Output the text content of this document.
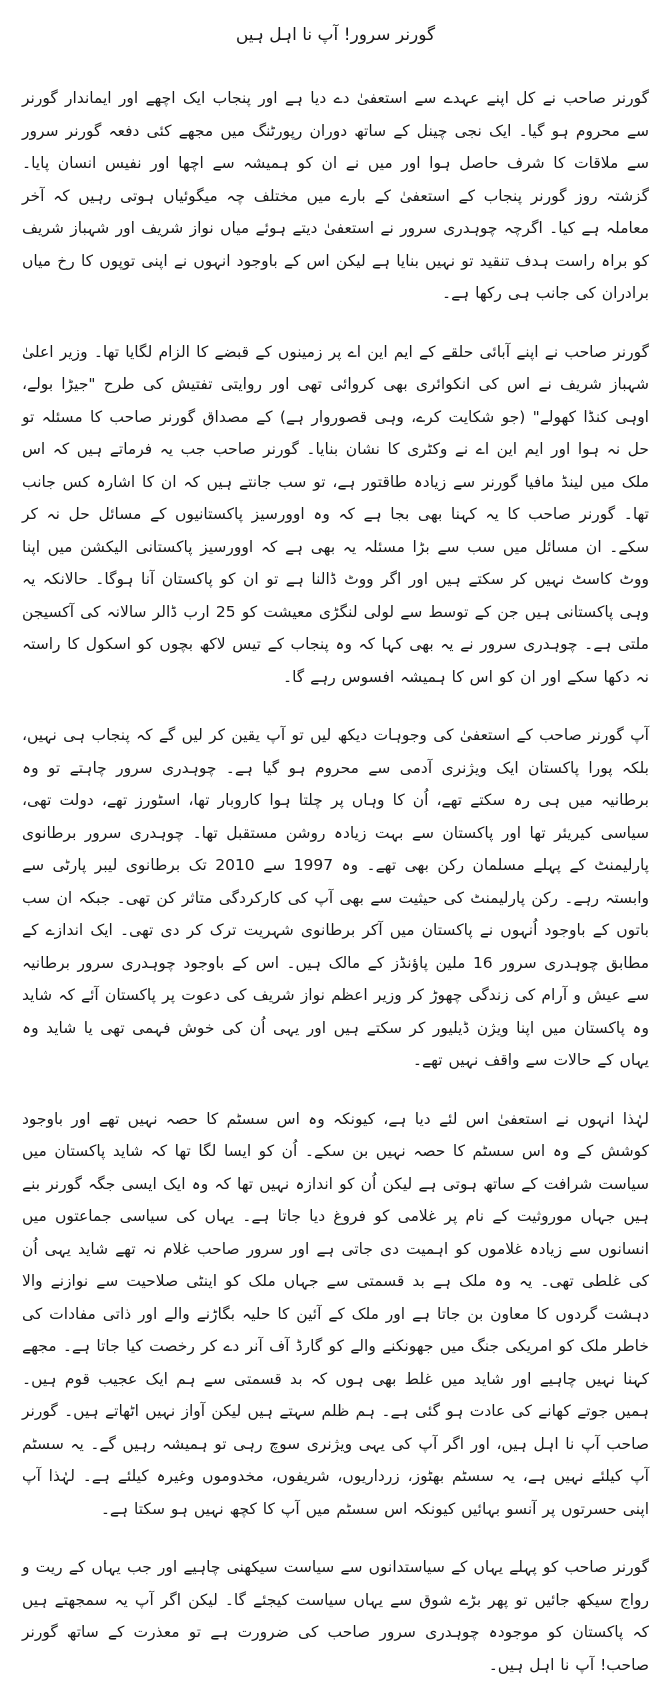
گورنر سرور! آپ نا اہل ہیں

گورنر صاحب نے کل اپنے عہدے سے استعفیٰ دے دیا ہے اور پنجاب ایک اچھے اور ایماندار گورنر سے محروم ہو گیا۔ ایک نجی چینل کے ساتھ دوران رپورٹنگ میں مجھے کئی دفعہ گورنر سرور سے ملاقات کا شرف حاصل ہوا اور میں نے ان کو ہمیشہ سے اچھا اور نفیس انسان پایا۔ گزشتہ روز گورنر پنجاب کے استعفیٰ کے بارے میں مختلف چہ میگوئیاں ہوتی رہیں کہ آخر معاملہ ہے کیا۔ اگرچہ چوہدری سرور نے استعفیٰ دیتے ہوئے میاں نواز شریف اور شہباز شریف کو براہ راست ہدف تنقید تو نہیں بنایا ہے لیکن اس کے باوجود انہوں نے اپنی توپوں کا رخ میاں برادران کی جانب ہی رکھا ہے۔

گورنر صاحب نے اپنے آبائی حلقے کے ایم این اے پر زمینوں کے قبضے کا الزام لگایا تھا۔ وزیر اعلیٰ شہباز شریف نے اس کی انکوائری بھی کروائی تھی اور روایتی تفتیش کی طرح "جیڑا بولے، اوہی کنڈا کھولے" (جو شکایت کرے، وہی قصوروار ہے) کے مصداق گورنر صاحب کا مسئلہ تو حل نہ ہوا اور ایم این اے نے وکٹری کا نشان بنایا۔ گورنر صاحب جب یہ فرماتے ہیں کہ اس ملک میں لینڈ مافیا گورنر سے زیادہ طاقتور ہے، تو سب جانتے ہیں کہ ان کا اشارہ کس جانب تھا۔ گورنر صاحب کا یہ کہنا بھی بجا ہے کہ وہ اوورسیز پاکستانیوں کے مسائل حل نہ کر سکے۔ ان مسائل میں سب سے بڑا مسئلہ یہ بھی ہے کہ اوورسیز پاکستانی الیکشن میں اپنا ووٹ کاسٹ نہیں کر سکتے ہیں اور اگر ووٹ ڈالنا ہے تو ان کو پاکستان آنا ہوگا۔ حالانکہ یہ وہی پاکستانی ہیں جن کے توسط سے لولی لنگڑی معیشت کو 25 ارب ڈالر سالانہ کی آکسیجن ملتی ہے۔ چوہدری سرور نے یہ بھی کہا کہ وہ پنجاب کے تیس لاکھ بچوں کو اسکول کا راستہ نہ دکھا سکے اور ان کو اس کا ہمیشہ افسوس رہے گا۔

آپ گورنر صاحب کے استعفیٰ کی وجوہات دیکھ لیں تو آپ یقین کر لیں گے کہ پنجاب ہی نہیں، بلکہ پورا پاکستان ایک ویژنری آدمی سے محروم ہو گیا ہے۔ چوہدری سرور چاہتے تو وہ برطانیہ میں ہی رہ سکتے تھے، اُن کا وہاں پر چلتا ہوا کاروبار تھا، اسٹورز تھے، دولت تھی، سیاسی کیریئر تھا اور پاکستان سے بہت زیادہ روشن مستقبل تھا۔ چوہدری سرور برطانوی پارلیمنٹ کے پہلے مسلمان رکن بھی تھے۔ وہ 1997 سے 2010 تک برطانوی لیبر پارٹی سے وابستہ رہے۔ رکن پارلیمنٹ کی حیثیت سے بھی آپ کی کارکردگی متاثر کن تھی۔ جبکہ ان سب باتوں کے باوجود اُنہوں نے پاکستان میں آکر برطانوی شہریت ترک کر دی تھی۔ ایک اندازے کے مطابق چوہدری سرور 16 ملین پاؤنڈز کے مالک ہیں۔ اس کے باوجود چوہدری سرور برطانیہ سے عیش و آرام کی زندگی چھوڑ کر وزیر اعظم نواز شریف کی دعوت پر پاکستان آئے کہ شاید وہ پاکستان میں اپنا ویژن ڈیلیور کر سکتے ہیں اور یہی اُن کی خوش فہمی تھی یا شاید وہ یہاں کے حالات سے واقف نہیں تھے۔

لہٰذا انہوں نے استعفیٰ اس لئے دیا ہے، کیونکہ وہ اس سسٹم کا حصہ نہیں تھے اور باوجود کوشش کے وہ اس سسٹم کا حصہ نہیں بن سکے۔ اُن کو ایسا لگا تھا کہ شاید پاکستان میں سیاست شرافت کے ساتھ ہوتی ہے لیکن اُن کو اندازہ نہیں تھا کہ وہ ایک ایسی جگہ گورنر بنے ہیں جہاں موروثیت کے نام پر غلامی کو فروغ دیا جاتا ہے۔ یہاں کی سیاسی جماعتوں میں انسانوں سے زیادہ غلاموں کو اہمیت دی جاتی ہے اور سرور صاحب غلام نہ تھے شاید یہی اُن کی غلطی تھی۔ یہ وہ ملک ہے بد قسمتی سے جہاں ملک کو اینٹی صلاحیت سے نوازنے والا دہشت گردوں کا معاون بن جاتا ہے اور ملک کے آئین کا حلیہ بگاڑنے والے اور ذاتی مفادات کی خاطر ملک کو امریکی جنگ میں جھونکنے والے کو گارڈ آف آنر دے کر رخصت کیا جاتا ہے۔ مجھے کہنا نہیں چاہیے اور شاید میں غلط بھی ہوں کہ بد قسمتی سے ہم ایک عجیب قوم ہیں۔ ہمیں جوتے کھانے کی عادت ہو گئی ہے۔ ہم ظلم سہتے ہیں لیکن آواز نہیں اٹھاتے ہیں۔ گورنر صاحب آپ نا اہل ہیں، اور اگر آپ کی یہی ویژنری سوچ رہی تو ہمیشہ رہیں گے۔ یہ سسٹم آپ کیلئے نہیں ہے، یہ سسٹم بھٹوز، زرداریوں، شریفوں، مخدوموں وغیرہ کیلئے ہے۔ لہٰذا آپ اپنی حسرتوں پر آنسو بہائیں کیونکہ اس سسٹم میں آپ کا کچھ نہیں ہو سکتا ہے۔

گورنر صاحب کو پہلے یہاں کے سیاستدانوں سے سیاست سیکھنی چاہیے اور جب یہاں کے ریت و رواج سیکھ جائیں تو پھر بڑے شوق سے یہاں سیاست کیجئے گا۔ لیکن اگر آپ یہ سمجھتے ہیں کہ پاکستان کو موجودہ چوہدری سرور صاحب کی ضرورت ہے تو معذرت کے ساتھ گورنر صاحب! آپ نا اہل ہیں۔
